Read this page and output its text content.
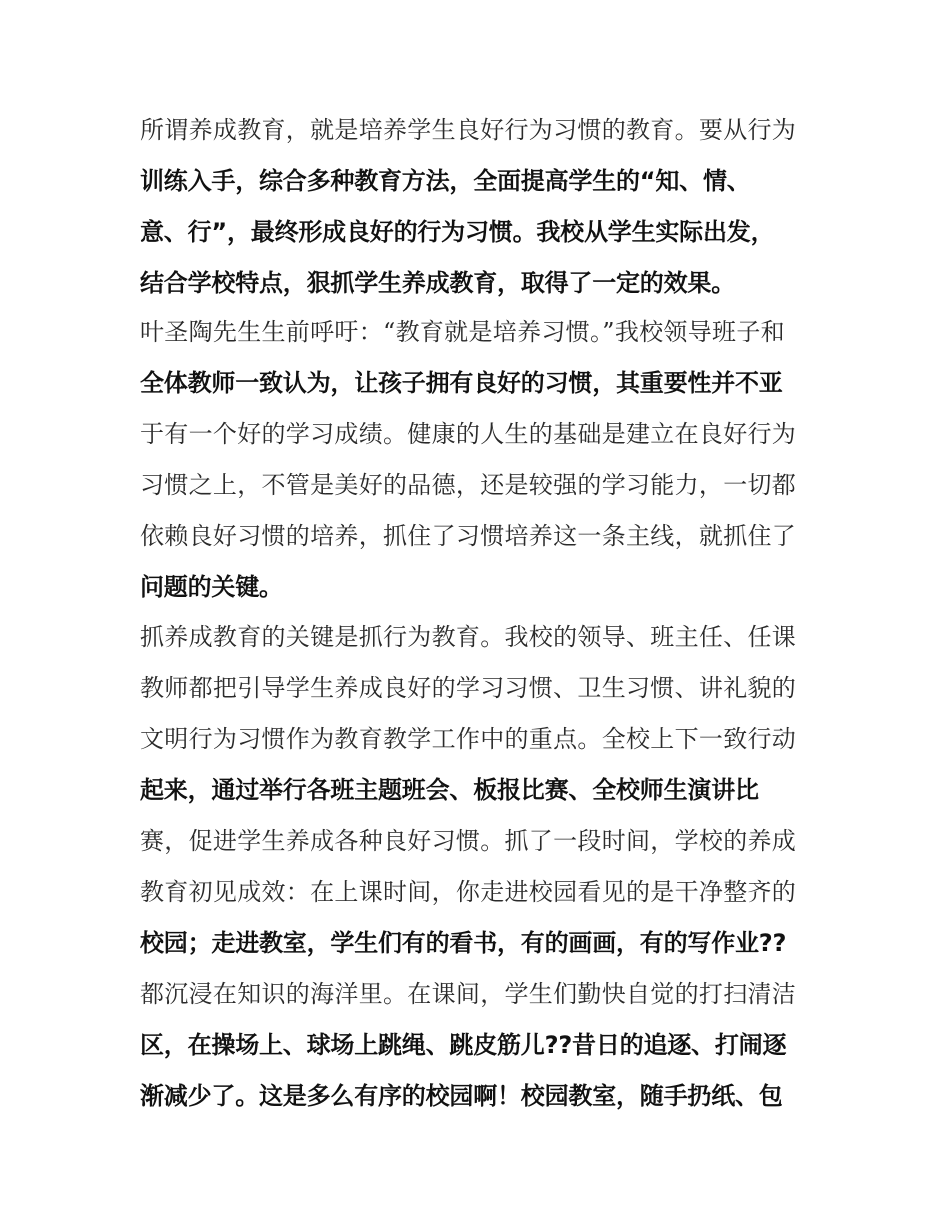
所谓养成教育，就是培养学生良好行为习惯的教育。要从行为
训练入手，综合多种教育方法，全面提高学生的“知、情、
意、行”，最终形成良好的行为习惯。我校从学生实际出发，
结合学校特点，狠抓学生养成教育，取得了一定的效果。
叶圣陶先生生前呼吁：“教育就是培养习惯。”我校领导班子和
全体教师一致认为，让孩子拥有良好的习惯，其重要性并不亚
于有一个好的学习成绩。健康的人生的基础是建立在良好行为
习惯之上，不管是美好的品德，还是较强的学习能力，一切都
依赖良好习惯的培养，抓住了习惯培养这一条主线，就抓住了
问题的关键。
抓养成教育的关键是抓行为教育。我校的领导、班主任、任课
教师都把引导学生养成良好的学习习惯、卫生习惯、讲礼貌的
文明行为习惯作为教育教学工作中的重点。全校上下一致行动
起来，通过举行各班主题班会、板报比赛、全校师生演讲比
赛，促进学生养成各种良好习惯。抓了一段时间，学校的养成
教育初见成效：在上课时间，你走进校园看见的是干净整齐的
校园；走进教室，学生们有的看书，有的画画，有的写作业??
都沉浸在知识的海洋里。在课间，学生们勤快自觉的打扫清洁
区，在操场上、球场上跳绳、跳皮筋儿??昔日的追逐、打闹逐
渐减少了。这是多么有序的校园啊！校园教室，随手扔纸、包
